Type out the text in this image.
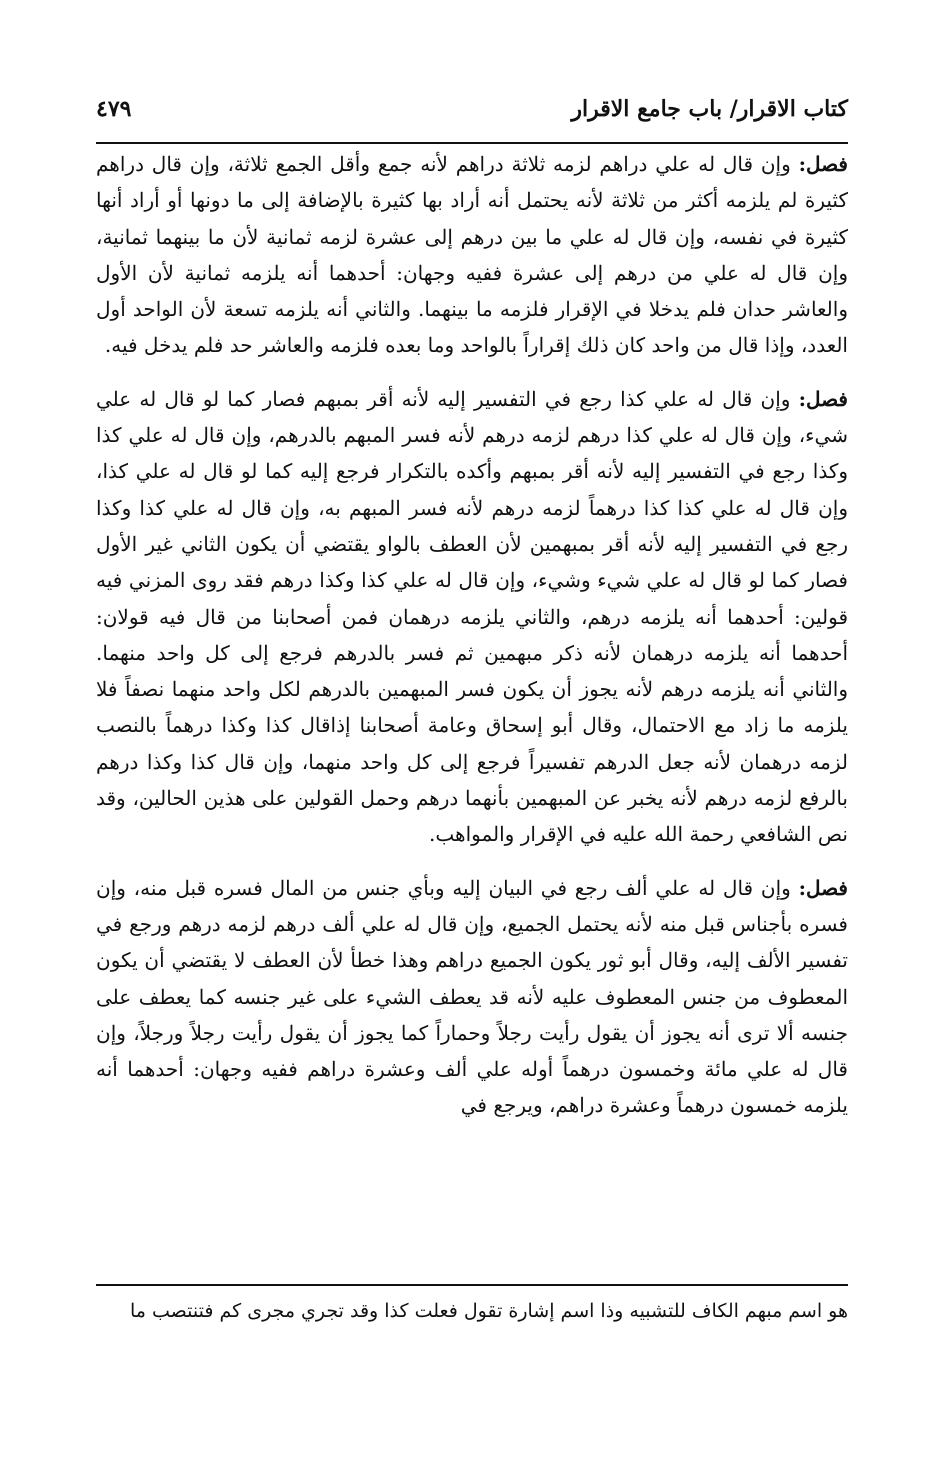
كتاب الاقرار/ باب جامع الاقرار
٤٧٩

فصل: وإن قال له علي دراهم لزمه ثلاثة دراهم لأنه جمع وأقل الجمع ثلاثة، وإن قال دراهم كثيرة لم يلزمه أكثر من ثلاثة لأنه يحتمل أنه أراد بها كثيرة بالإضافة إلى ما دونها أو أراد أنها كثيرة في نفسه، وإن قال له علي ما بين درهم إلى عشرة لزمه ثمانية لأن ما بينهما ثمانية، وإن قال له علي من درهم إلى عشرة ففيه وجهان: أحدهما أنه يلزمه ثمانية لأن الأول والعاشر حدان فلم يدخلا في الإقرار فلزمه ما بينهما. والثاني أنه يلزمه تسعة لأن الواحد أول العدد، وإذا قال من واحد كان ذلك إقراراً بالواحد وما بعده فلزمه والعاشر حد فلم يدخل فيه.

فصل: وإن قال له علي كذا رجع في التفسير إليه لأنه أقر بمبهم فصار كما لو قال له علي شيء، وإن قال له علي كذا درهم لزمه درهم لأنه فسر المبهم بالدرهم، وإن قال له علي كذا وكذا رجع في التفسير إليه لأنه أقر بمبهم وأكده بالتكرار فرجع إليه كما لو قال له علي كذا، وإن قال له علي كذا كذا درهماً لزمه درهم لأنه فسر المبهم به، وإن قال له علي كذا وكذا رجع في التفسير إليه لأنه أقر بمبهمين لأن العطف بالواو يقتضي أن يكون الثاني غير الأول فصار كما لو قال له علي شيء وشيء، وإن قال له علي كذا وكذا درهم فقد روى المزني فيه قولين: أحدهما أنه يلزمه درهم، والثاني يلزمه درهمان فمن أصحابنا من قال فيه قولان: أحدهما أنه يلزمه درهمان لأنه ذكر مبهمين ثم فسر بالدرهم فرجع إلى كل واحد منهما. والثاني أنه يلزمه درهم لأنه يجوز أن يكون فسر المبهمين بالدرهم لكل واحد منهما نصفاً فلا يلزمه ما زاد مع الاحتمال، وقال أبو إسحاق وعامة أصحابنا إذاقال كذا وكذا درهماً بالنصب لزمه درهمان لأنه جعل الدرهم تفسيراً فرجع إلى كل واحد منهما، وإن قال كذا وكذا درهم بالرفع لزمه درهم لأنه يخبر عن المبهمين بأنهما درهم وحمل القولين على هذين الحالين، وقد نص الشافعي رحمة الله عليه في الإقرار والمواهب.

فصل: وإن قال له علي ألف رجع في البيان إليه وبأي جنس من المال فسره قبل منه، وإن فسره بأجناس قبل منه لأنه يحتمل الجميع، وإن قال له علي ألف درهم لزمه درهم ورجع في تفسير الألف إليه، وقال أبو ثور يكون الجميع دراهم وهذا خطأ لأن العطف لا يقتضي أن يكون المعطوف من جنس المعطوف عليه لأنه قد يعطف الشيء على غير جنسه كما يعطف على جنسه ألا ترى أنه يجوز أن يقول رأيت رجلاً وحماراً كما يجوز أن يقول رأيت رجلاً ورجلاً، وإن قال له علي مائة وخمسون درهماً أوله علي ألف وعشرة دراهم ففيه وجهان: أحدهما أنه يلزمه خمسون درهماً وعشرة دراهم، ويرجع في

هو اسم مبهم الكاف للتشبيه وذا اسم إشارة تقول فعلت كذا وقد تجري مجرى كم فتنتصب ما
